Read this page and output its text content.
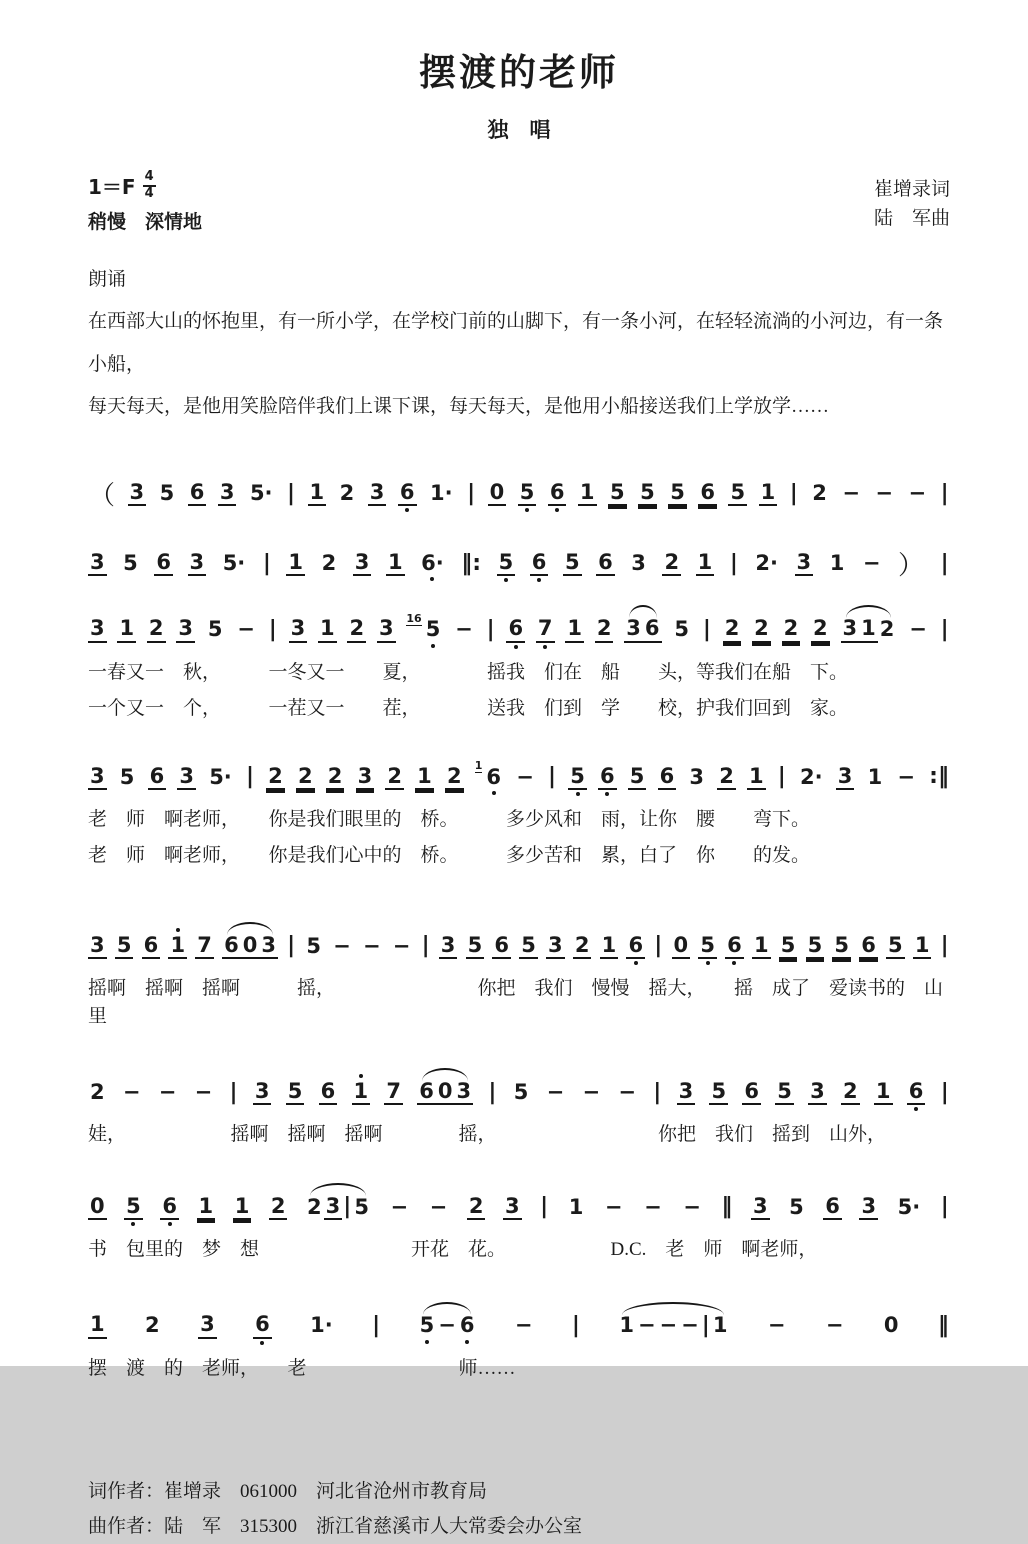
摆渡的老师
独　唱
$1=F \frac{4}{4}$
稍慢　深情地
崔增录词
陆　军曲
朗诵
在西部大山的怀抱里，有一所小学，在学校门前的山脚下，有一条小河，在轻轻流淌的小河边，有一条小船，
每天每天，是他用笑脸陪伴我们上课下课，每天每天，是他用小船接送我们上学放学……
（ 3 5 6 3 5· | 1 2 3 6 1· | 0 5 6 1 5 5 5 6 5 1 | 2 − − − |
3 5 6 3 5· | 1 2 3 1 6· ‖: 5 6 5 6 3 2 1 | 2· 3 1 − ） |
3 1 2 3 5 − | 3 1 2 3 16 5 − | 6 7 1 2 3 6 5 | 2 2 2 2 3 1 2 − |
一春又一　秋，　　　一冬又一　　夏，　　　　摇我　们在　船　　头，等我们在船　下。
一个又一　个，　　　一茬又一　　茬，　　　　送我　们到　学　　校，护我们回到　家。
3 5 6 3 5· | 2 2 2 3 2 1 2 1 6 − | 5 6 5 6 3 2 1 | 2· 3 1 − :‖
老　师　啊老师，　　你是我们眼里的　桥。　　　多少风和　雨，让你　腰　　弯下。
老　师　啊老师，　　你是我们心中的　桥。　　　多少苦和　累，白了　你　　的发。
3 5 6 1 7 6 0 3 | 5 − − − | 3 5 6 5 3 2 1 6 | 0 5 6 1 5 5 5 6 5 1 |
摇啊　摇啊　摇啊　　　摇，　　　　　　　　你把　我们　慢慢　摇大，　　摇　成了　爱读书的　山里
2 − − − | 3 5 6 1 7 6 0 3 | 5 − − − | 3 5 6 5 3 2 1 6 |
娃，　　　　　　摇啊　摇啊　摇啊　　　　摇，　　　　　　　　　你把　我们　摇到　山外，
0 5 6 1 1 2 2 3 | 5 − − 2 3 | 1 − − − ‖ 3 5 6 3 5· |
书　包里的　梦　想　　　　　　　　开花　花。　　　　　　D.C.　老　师　啊老师，
1 2 3 6 1· | 5 − 6 − | 1 − − − | 1 − − 0 ‖
摆　渡　的　老师，　　老　　　　　　　　师……
词作者：崔增录　061000　河北省沧州市教育局
曲作者：陆　军　315300　浙江省慈溪市人大常委会办公室
